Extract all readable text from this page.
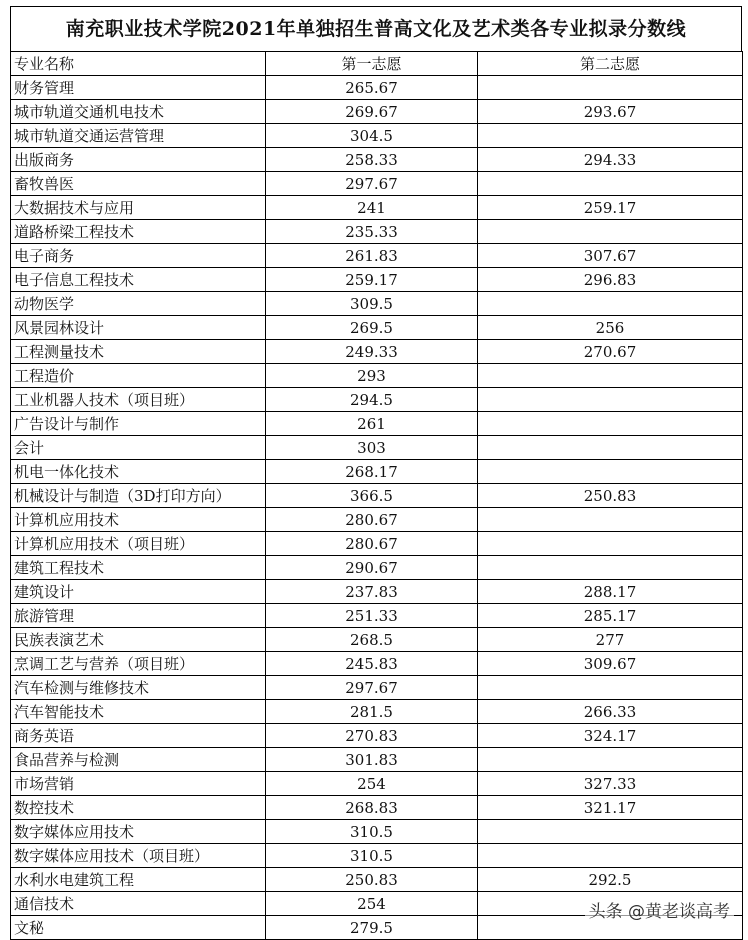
南充职业技术学院2021年单独招生普高文化及艺术类各专业拟录分数线
专业名称	第一志愿	第二志愿
财务管理	265.67	
城市轨道交通机电技术	269.67	293.67
城市轨道交通运营管理	304.5	
出版商务	258.33	294.33
畜牧兽医	297.67	
大数据技术与应用	241	259.17
道路桥梁工程技术	235.33	
电子商务	261.83	307.67
电子信息工程技术	259.17	296.83
动物医学	309.5	
风景园林设计	269.5	256
工程测量技术	249.33	270.67
工程造价	293	
工业机器人技术（项目班）	294.5	
广告设计与制作	261	
会计	303	
机电一体化技术	268.17	
机械设计与制造（3D打印方向）	366.5	250.83
计算机应用技术	280.67	
计算机应用技术（项目班）	280.67	
建筑工程技术	290.67	
建筑设计	237.83	288.17
旅游管理	251.33	285.17
民族表演艺术	268.5	277
烹调工艺与营养（项目班）	245.83	309.67
汽车检测与维修技术	297.67	
汽车智能技术	281.5	266.33
商务英语	270.83	324.17
食品营养与检测	301.83	
市场营销	254	327.33
数控技术	268.83	321.17
数字媒体应用技术	310.5	
数字媒体应用技术（项目班）	310.5	
水利水电建筑工程	250.83	292.5
通信技术	254	
文秘	279.5	
头条 @黄老谈高考
